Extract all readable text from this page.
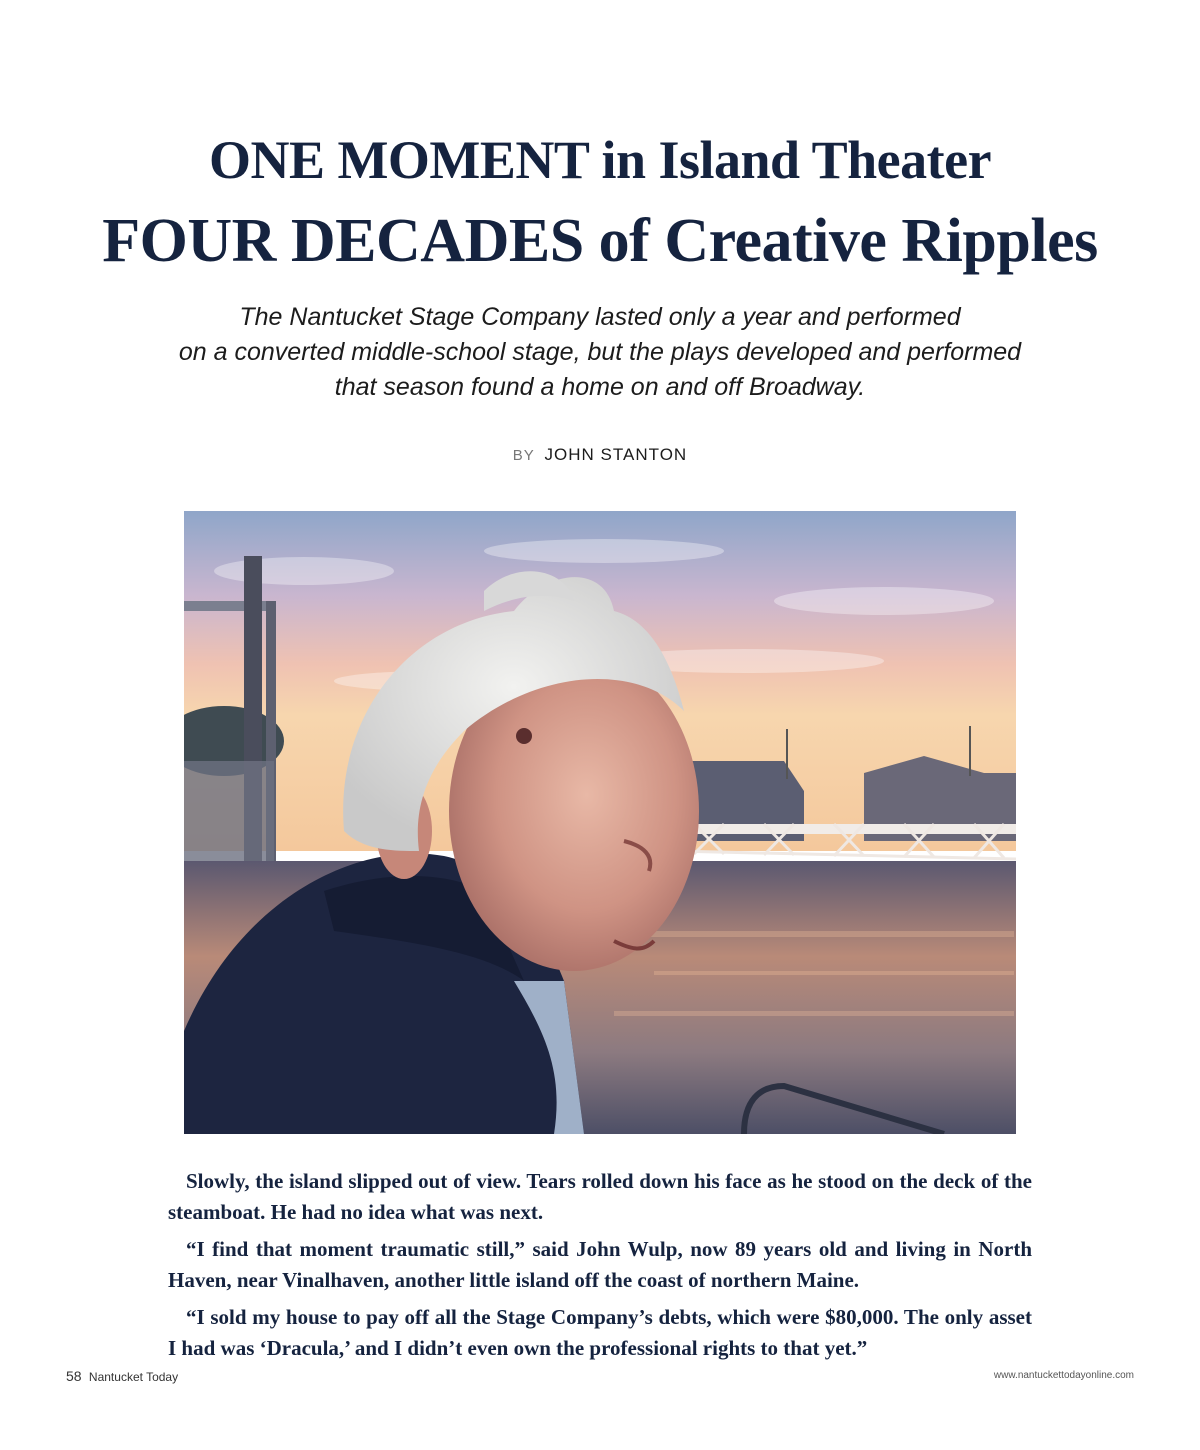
ONE MOMENT in Island Theater
FOUR DECADES of Creative Ripples
The Nantucket Stage Company lasted only a year and performed
on a converted middle-school stage, but the plays developed and performed
that season found a home on and off Broadway.
BY JOHN STANTON

Slowly, the island slipped out of view. Tears rolled down his face as he stood on the deck of the steamboat. He had no idea what was next.

“I find that moment traumatic still,” said John Wulp, now 89 years old and living in North Haven, near Vinalhaven, another little island off the coast of northern Maine.

“I sold my house to pay off all the Stage Company’s debts, which were $80,000. The only asset I had was ‘Dracula,’ and I didn’t even own the professional rights to that yet.”

58 Nantucket Today	www.nantuckettodayonline.com
